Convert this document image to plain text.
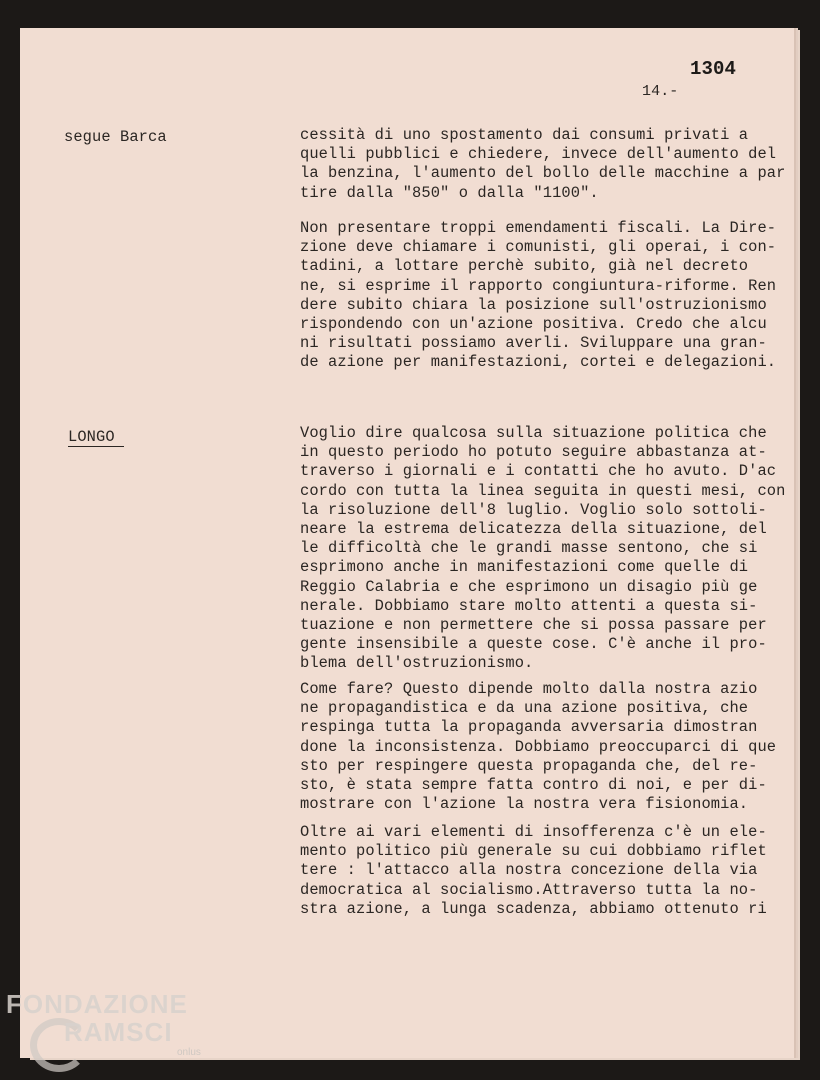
1304
14.-
segue Barca
LONGO
cessità di uno spostamento dai consumi privati a
quelli pubblici e chiedere, invece dell'aumento del
la benzina, l'aumento del bollo delle macchine a par
tire dalla "850" o dalla "1100".
Non presentare troppi emendamenti fiscali. La Dire-
zione deve chiamare i comunisti, gli operai, i con-
tadini, a lottare perchè subito, già nel decreto
ne, si esprime il rapporto congiuntura-riforme. Ren
dere subito chiara la posizione sull'ostruzionismo
rispondendo con un'azione positiva. Credo che alcu
ni risultati possiamo averli. Sviluppare una gran-
de azione per manifestazioni, cortei e delegazioni.
Voglio dire qualcosa sulla situazione politica che
in questo periodo ho potuto seguire abbastanza at-
traverso i giornali e i contatti che ho avuto. D'ac
cordo con tutta la linea seguita in questi mesi, con
la risoluzione dell'8 luglio. Voglio solo sottoli-
neare la estrema delicatezza della situazione, del
le difficoltà che le grandi masse sentono, che si
esprimono anche in manifestazioni come quelle di
Reggio Calabria e che esprimono un disagio più ge
nerale. Dobbiamo stare molto attenti a questa si-
tuazione e non permettere che si possa passare per
gente insensibile a queste cose. C'è anche il pro-
blema dell'ostruzionismo.
Come fare? Questo dipende molto dalla nostra azio
ne propagandistica e da una azione positiva, che
respinga tutta la propaganda avversaria dimostran
done la inconsistenza. Dobbiamo preoccuparci di que
sto per respingere questa propaganda che, del re-
sto, è stata sempre fatta contro di noi, e per di-
mostrare con l'azione la nostra vera fisionomia.
Oltre ai vari elementi di insofferenza c'è un ele-
mento politico più generale su cui dobbiamo riflet
tere : l'attacco alla nostra concezione della via
democratica al socialismo.Attraverso tutta la no-
stra azione, a lunga scadenza, abbiamo ottenuto ri
FONDAZIONE
RAMSCI
onlus
